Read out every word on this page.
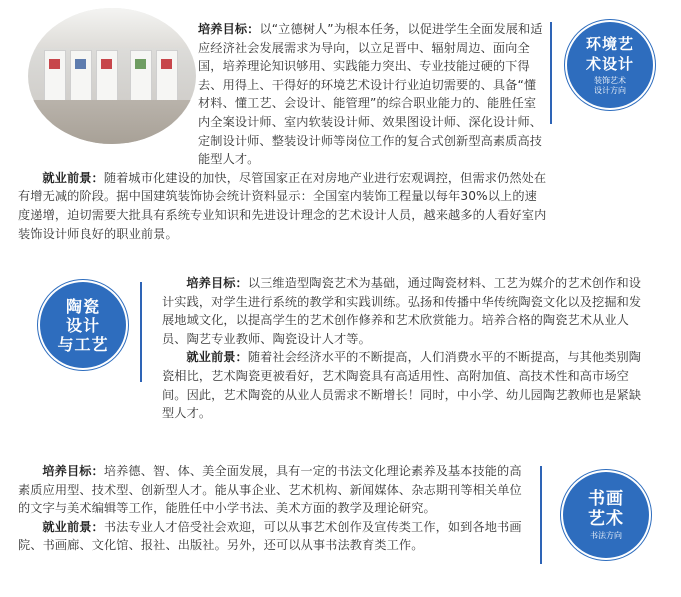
培养目标：以“立德树人”为根本任务，以促进学生全面发展和适应经济社会发展需求为导向，以立足晋中、辐射周边、面向全国，培养理论知识够用、实践能力突出、专业技能过硬的下得去、用得上、干得好的环境艺术设计行业迫切需要的、具备“懂材料、懂工艺、会设计、能管理”的综合职业能力的、能胜任室内全案设计师、室内软装设计师、效果图设计师、深化设计师、定制设计师、整装设计师等岗位工作的复合式创新型高素质高技能型人才。

就业前景：随着城市化建设的加快，尽管国家正在对房地产业进行宏观调控，但需求仍然处在有增无减的阶段。据中国建筑装饰协会统计资料显示：全国室内装饰工程量以每年30%以上的速度递增，迫切需要大批具有系统专业知识和先进设计理念的艺术设计人员，越来越多的人看好室内装饰设计师良好的职业前景。

环境艺
术设计
装饰艺术
设计方向
陶瓷
设计
与工艺

培养目标：以三维造型陶瓷艺术为基础，通过陶瓷材料、工艺为媒介的艺术创作和设计实践，对学生进行系统的教学和实践训练。弘扬和传播中华传统陶瓷文化以及挖掘和发展地域文化，以提高学生的艺术创作修养和艺术欣赏能力。培养合格的陶瓷艺术从业人员、陶艺专业教师、陶瓷设计人才等。

就业前景：随着社会经济水平的不断提高，人们消费水平的不断提高，与其他类别陶瓷相比，艺术陶瓷更被看好，艺术陶瓷具有高适用性、高附加值、高技术性和高市场空间。因此，艺术陶瓷的从业人员需求不断增长！同时，中小学、幼儿园陶艺教师也是紧缺型人才。

培养目标：培养德、智、体、美全面发展，具有一定的书法文化理论素养及基本技能的高素质应用型、技术型、创新型人才。能从事企业、艺术机构、新闻媒体、杂志期刊等相关单位的文字与美术编辑等工作，能胜任中小学书法、美术方面的教学及理论研究。

就业前景：书法专业人才倍受社会欢迎，可以从事艺术创作及宣传类工作，如到各地书画院、书画廊、文化馆、报社、出版社。另外，还可以从事书法教育类工作。

书画
艺术
书法方向
